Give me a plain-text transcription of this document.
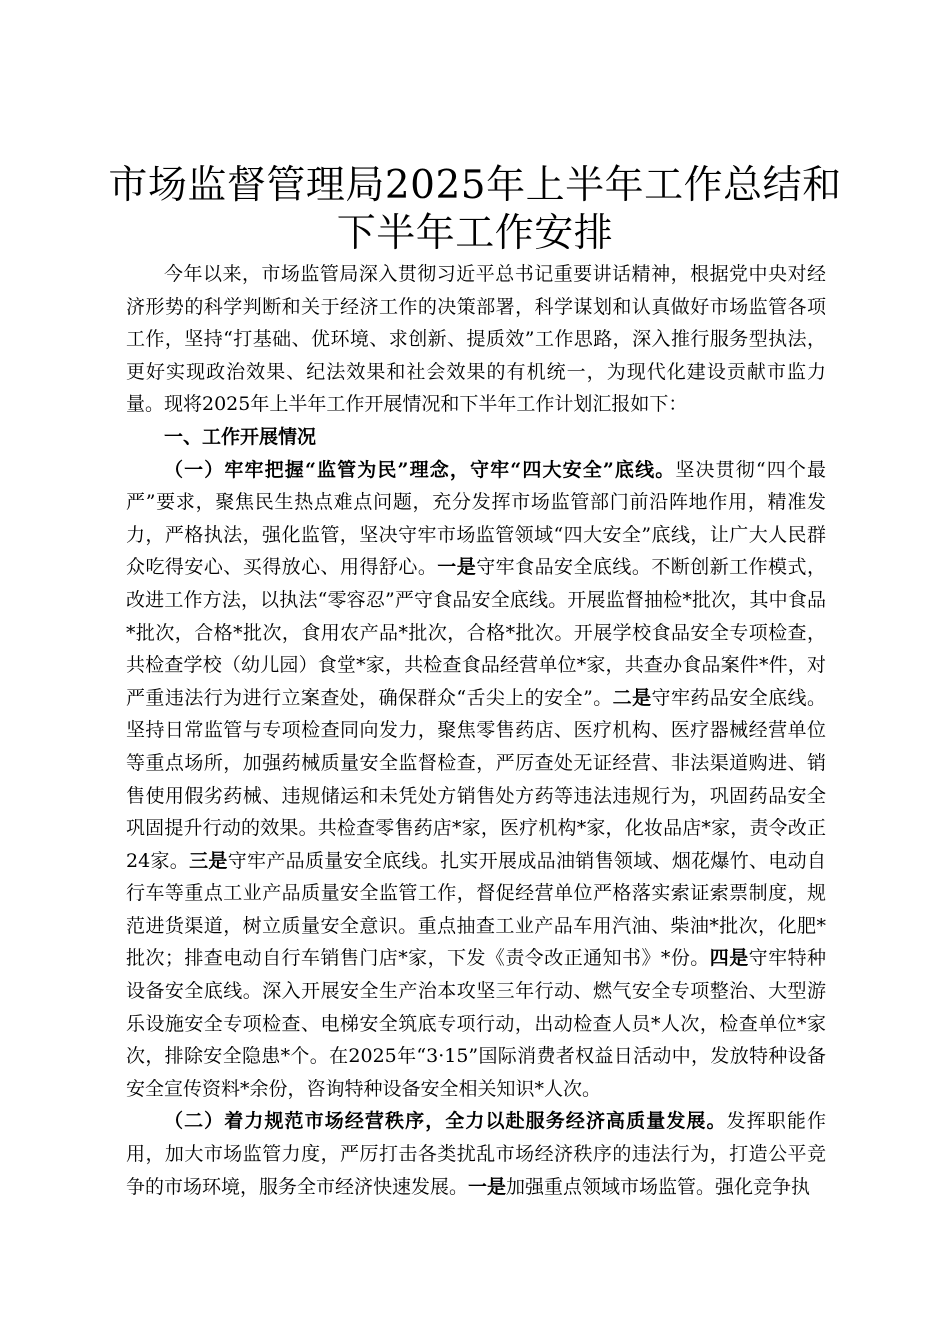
市场监督管理局2025年上半年工作总结和下半年工作安排

今年以来，市场监管局深入贯彻习近平总书记重要讲话精神，根据党中央对经济形势的科学判断和关于经济工作的决策部署，科学谋划和认真做好市场监管各项工作，坚持“打基础、优环境、求创新、提质效”工作思路，深入推行服务型执法，更好实现政治效果、纪法效果和社会效果的有机统一，为现代化建设贡献市监力量。现将2025年上半年工作开展情况和下半年工作计划汇报如下：

一、工作开展情况

（一）牢牢把握“监管为民”理念，守牢“四大安全”底线。坚决贯彻“四个最严”要求，聚焦民生热点难点问题，充分发挥市场监管部门前沿阵地作用，精准发力，严格执法，强化监管，坚决守牢市场监管领域“四大安全”底线，让广大人民群众吃得安心、买得放心、用得舒心。一是守牢食品安全底线。不断创新工作模式，改进工作方法，以执法“零容忍”严守食品安全底线。开展监督抽检*批次，其中食品*批次，合格*批次，食用农产品*批次，合格*批次。开展学校食品安全专项检查，共检查学校（幼儿园）食堂*家，共检查食品经营单位*家，共查办食品案件*件，对严重违法行为进行立案查处，确保群众“舌尖上的安全”。二是守牢药品安全底线。坚持日常监管与专项检查同向发力，聚焦零售药店、医疗机构、医疗器械经营单位等重点场所，加强药械质量安全监督检查，严厉查处无证经营、非法渠道购进、销售使用假劣药械、违规储运和未凭处方销售处方药等违法违规行为，巩固药品安全巩固提升行动的效果。共检查零售药店*家，医疗机构*家，化妆品店*家，责令改正24家。三是守牢产品质量安全底线。扎实开展成品油销售领域、烟花爆竹、电动自行车等重点工业产品质量安全监管工作，督促经营单位严格落实索证索票制度，规范进货渠道，树立质量安全意识。重点抽查工业产品车用汽油、柴油*批次，化肥*批次；排查电动自行车销售门店*家，下发《责令改正通知书》*份。四是守牢特种设备安全底线。深入开展安全生产治本攻坚三年行动、燃气安全专项整治、大型游乐设施安全专项检查、电梯安全筑底专项行动，出动检查人员*人次，检查单位*家次，排除安全隐患*个。在2025年“3·15”国际消费者权益日活动中，发放特种设备安全宣传资料*余份，咨询特种设备安全相关知识*人次。

（二）着力规范市场经营秩序，全力以赴服务经济高质量发展。发挥职能作用，加大市场监管力度，严厉打击各类扰乱市场经济秩序的违法行为，打造公平竞争的市场环境，服务全市经济快速发展。一是加强重点领域市场监管。强化竞争执
